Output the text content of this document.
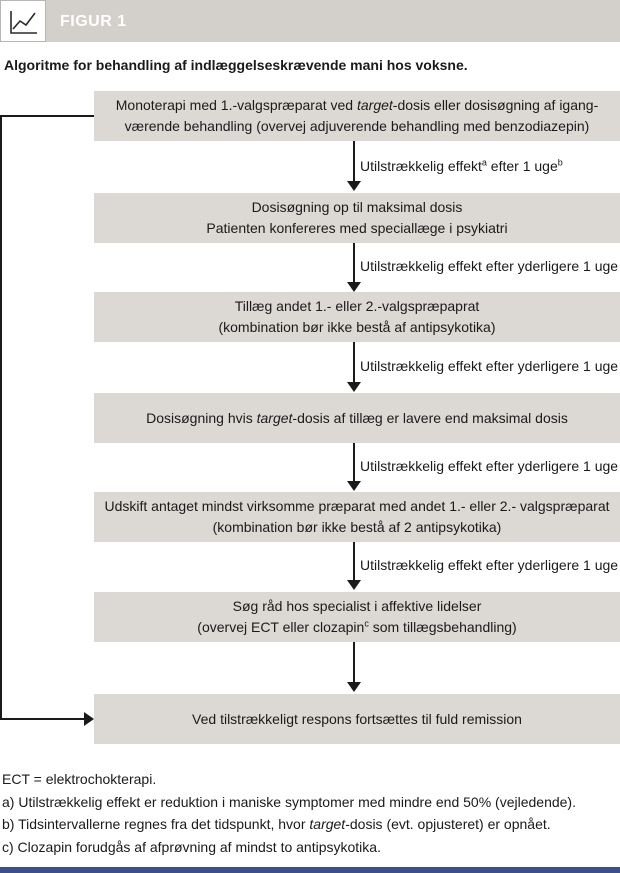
FIGUR 1
Algoritme for behandling af indlæggelseskrævende mani hos voksne.
Monoterapi med 1.-valgspræparat ved target-dosis eller dosisøgning af igang-
værende behandling (overvej adjuverende behandling med benzodiazepin)
Utilstrækkelig effekt$^a$ efter 1 uge$^b$
Dosisøgning op til maksimal dosis
Patienten konfereres med speciallæge i psykiatri
Utilstrækkelig effekt efter yderligere 1 uge
Tillæg andet 1.- eller 2.-valgspræpaprat
(kombination bør ikke bestå af antipsykotika)
Utilstrækkelig effekt efter yderligere 1 uge
Dosisøgning hvis target-dosis af tillæg er lavere end maksimal dosis
Utilstrækkelig effekt efter yderligere 1 uge
Udskift antaget mindst virksomme præparat med andet 1.- eller 2.- valgspræparat
(kombination bør ikke bestå af 2 antipsykotika)
Utilstrækkelig effekt efter yderligere 1 uge
Søg råd hos specialist i affektive lidelser
(overvej ECT eller clozapin$^c$ som tillægsbehandling)
Ved tilstrækkeligt respons fortsættes til fuld remission
ECT = elektrochokterapi.
a) Utilstrækkelig effekt er reduktion i maniske symptomer med mindre end 50% (vejledende).
b) Tidsintervallerne regnes fra det tidspunkt, hvor target-dosis (evt. opjusteret) er opnået.
c) Clozapin forudgås af afprøvning af mindst to antipsykotika.
